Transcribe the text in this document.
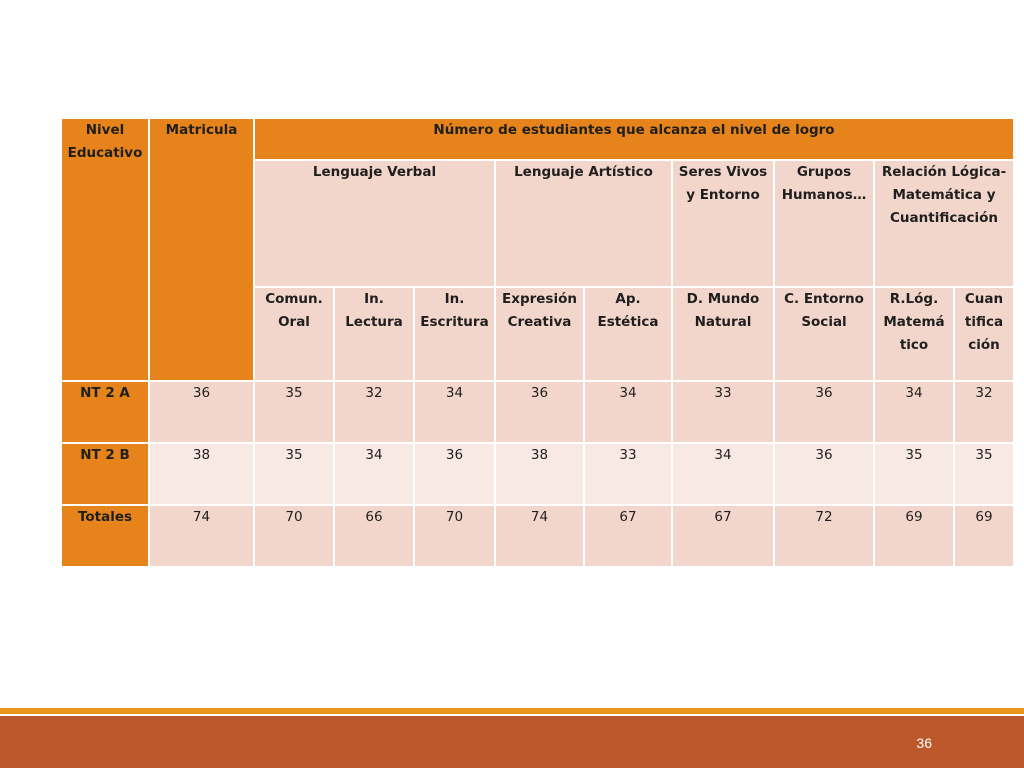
Nivel Educativo	Matricula	Número de estudiantes que alcanza el nivel de logro								
		Lenguaje Verbal			Lenguaje Artístico		Seres Vivos y Entorno	Grupos Humanos…	Relación Lógica-Matemática y Cuantificación	
		Comun. Oral	In. Lectura	In. Escritura	Expresión Creativa	Ap. Estética	D. Mundo Natural	C. Entorno Social	R.Lóg. Matemá tico	Cuan tifica ción
NT 2 A	36	35	32	34	36	34	33	36	34	32
NT 2 B	38	35	34	36	38	33	34	36	35	35
Totales	74	70	66	70	74	67	67	72	69	69
36
